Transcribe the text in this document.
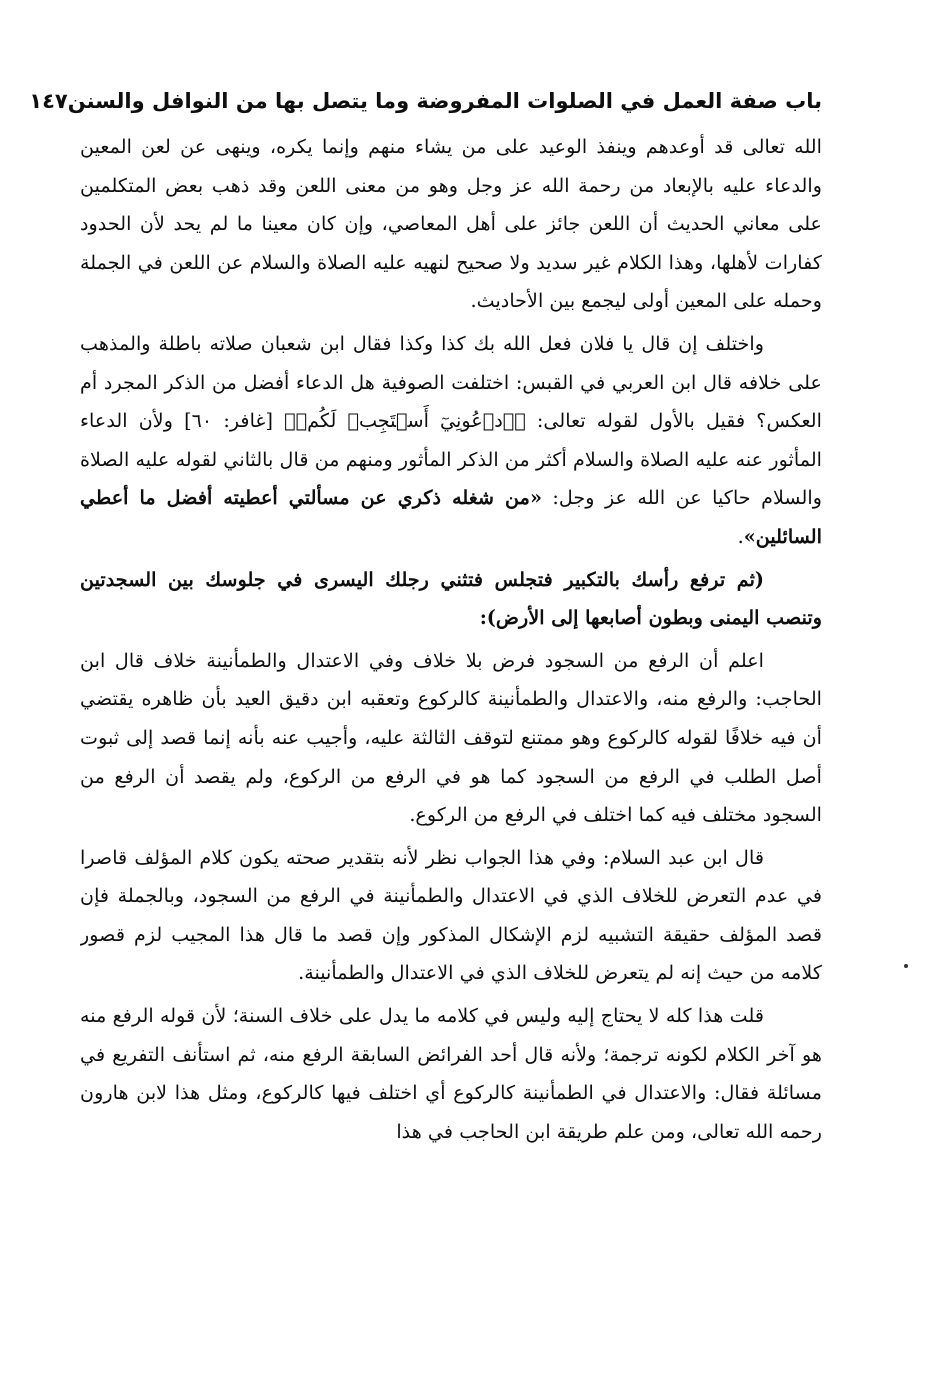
باب صفة العمل في الصلوات المفروضة وما يتصل بها من النوافل والسنن
١٤٧

الله تعالى قد أوعدهم وينفذ الوعيد على من يشاء منهم وإنما يكره، وينهى عن لعن المعين والدعاء عليه بالإبعاد من رحمة الله عز وجل وهو من معنى اللعن وقد ذهب بعض المتكلمين على معاني الحديث أن اللعن جائز على أهل المعاصي، وإن كان معينا ما لم يحد لأن الحدود كفارات لأهلها، وهذا الكلام غير سديد ولا صحيح لنهيه عليه الصلاة والسلام عن اللعن في الجملة وحمله على المعين أولى ليجمع بين الأحاديث.

واختلف إن قال يا فلان فعل الله بك كذا وكذا فقال ابن شعبان صلاته باطلة والمذهب على خلافه قال ابن العربي في القبس: اختلفت الصوفية هل الدعاء أفضل من الذكر المجرد أم العكس؟ فقيل بالأول لقوله تعالى: ﴿ٱدۡعُونِيٓ أَسۡتَجِبۡ لَكُمۡ﴾ [غافر: ٦٠] ولأن الدعاء المأثور عنه عليه الصلاة والسلام أكثر من الذكر المأثور ومنهم من قال بالثاني لقوله عليه الصلاة والسلام حاكيا عن الله عز وجل: «من شغله ذكري عن مسألتي أعطيته أفضل ما أعطي السائلين».

(ثم ترفع رأسك بالتكبير فتجلس فتثني رجلك اليسرى في جلوسك بين السجدتين وتنصب اليمنى وبطون أصابعها إلى الأرض):

اعلم أن الرفع من السجود فرض بلا خلاف وفي الاعتدال والطمأنينة خلاف قال ابن الحاجب: والرفع منه، والاعتدال والطمأنينة كالركوع وتعقبه ابن دقيق العيد بأن ظاهره يقتضي أن فيه خلافًا لقوله كالركوع وهو ممتنع لتوقف الثالثة عليه، وأجيب عنه بأنه إنما قصد إلى ثبوت أصل الطلب في الرفع من السجود كما هو في الرفع من الركوع، ولم يقصد أن الرفع من السجود مختلف فيه كما اختلف في الرفع من الركوع.

قال ابن عبد السلام: وفي هذا الجواب نظر لأنه بتقدير صحته يكون كلام المؤلف قاصرا في عدم التعرض للخلاف الذي في الاعتدال والطمأنينة في الرفع من السجود، وبالجملة فإن قصد المؤلف حقيقة التشبيه لزم الإشكال المذكور وإن قصد ما قال هذا المجيب لزم قصور كلامه من حيث إنه لم يتعرض للخلاف الذي في الاعتدال والطمأنينة.

قلت هذا كله لا يحتاج إليه وليس في كلامه ما يدل على خلاف السنة؛ لأن قوله الرفع منه هو آخر الكلام لكونه ترجمة؛ ولأنه قال أحد الفرائض السابقة الرفع منه، ثم استأنف التفريع في مسائلة فقال: والاعتدال في الطمأنينة كالركوع أي اختلف فيها كالركوع، ومثل هذا لابن هارون رحمه الله تعالى، ومن علم طريقة ابن الحاجب في هذا
